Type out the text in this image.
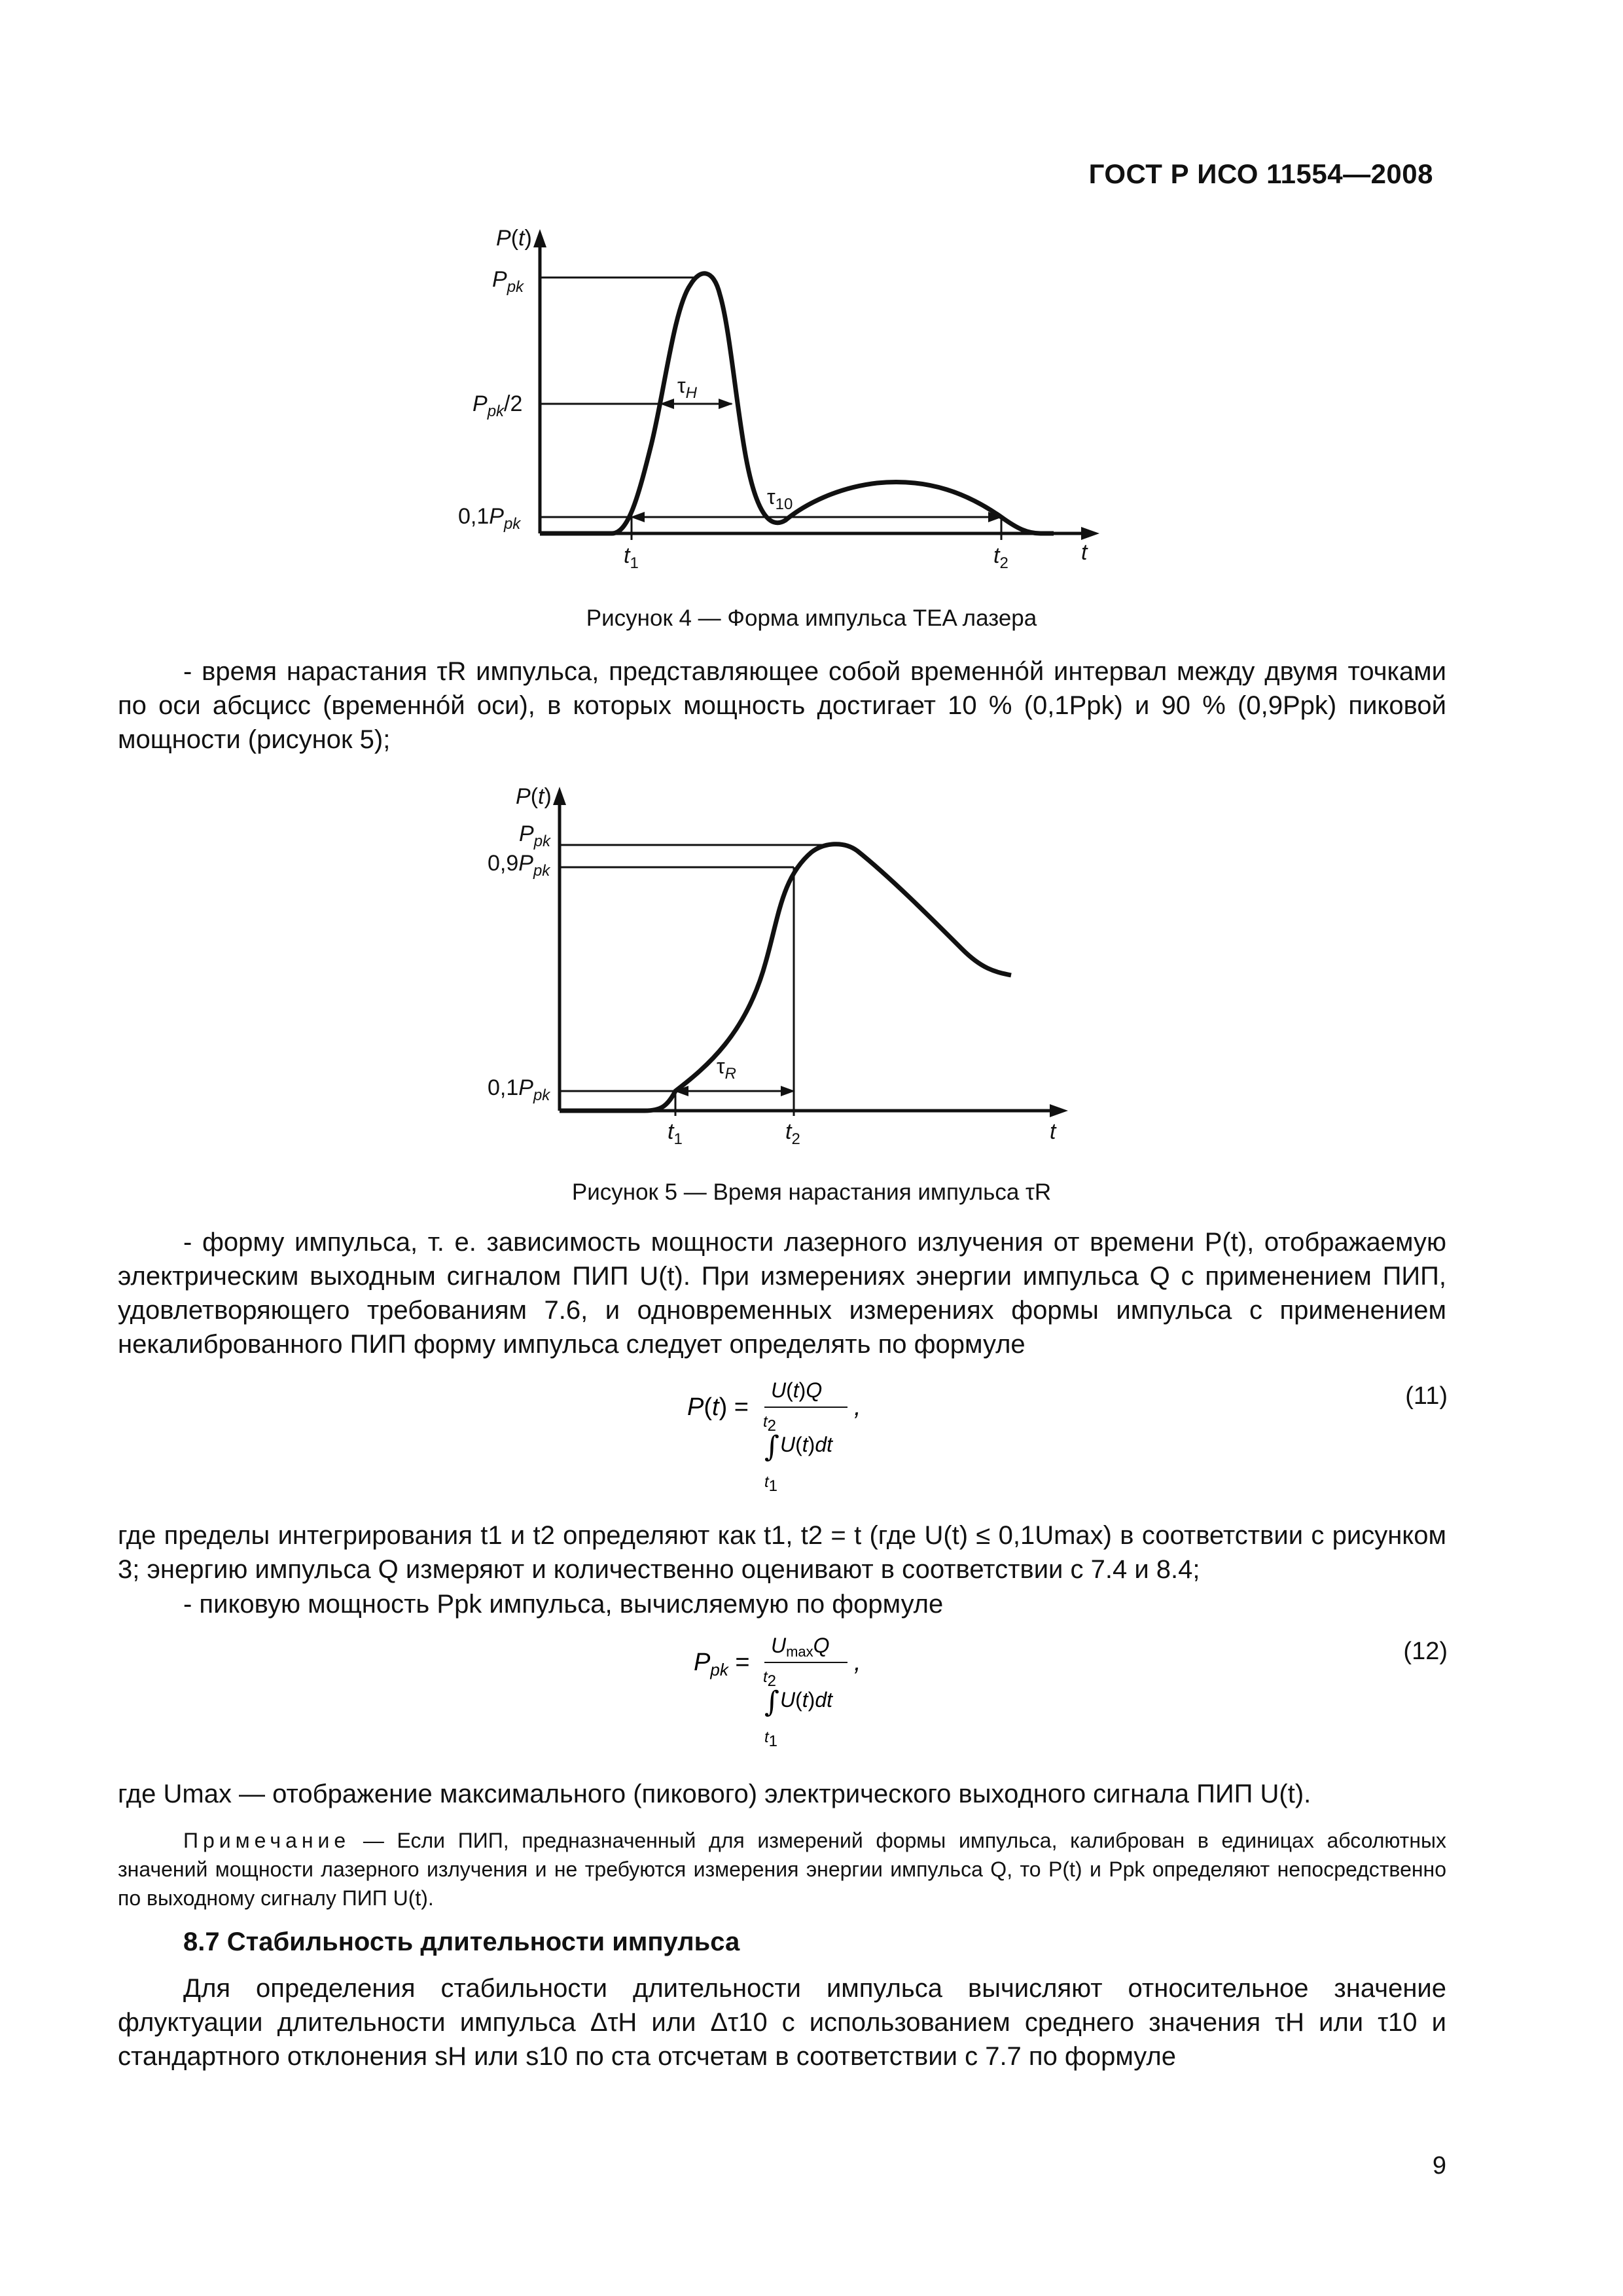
ГОСТ Р ИСО 11554—2008
P(t)
$P_{pk}$
$P_{pk}/2$
$0,1P_{pk}$
$\tau_H$
$\tau_{10}$
$t_1$	$t_2$	t
P(t)
$P_{pk}$
$0,9P_{pk}$
$0,1P_{pk}$
$\tau_R$
$t_1$	$t_2$	t
Рисунок 4 — Форма импульса TEA лазера

- время нарастания τR импульса, представляющее собой временнóй интервал между двумя точками по оси абсцисс (временнóй оси), в которых мощность достигает 10 % (0,1Ppk) и 90 % (0,9Ppk) пиковой мощности (рисунок 5);

Рисунок 5 — Время нарастания импульса τR

- форму импульса, т. е. зависимость мощности лазерного излучения от времени P(t), отображаемую электрическим выходным сигналом ПИП U(t). При измерениях энергии импульса Q с применением ПИП, удовлетворяющего требованиям 7.6, и одновременных измерениях формы импульса с применением некалиброванного ПИП форму импульса следует определять по формуле

P(t) =
U(t)Q
,
t2
∫ U(t)dt
t1
(11)

где пределы интегрирования t1 и t2 определяют как t1, t2 = t (где U(t) ≤ 0,1Umax) в соответствии с рисунком 3; энергию импульса Q измеряют и количественно оценивают в соответствии с 7.4 и 8.4;

- пиковую мощность Ppk импульса, вычисляемую по формуле

$P_{pk}$ =
UmaxQ
,
t2
∫ U(t)dt
t1
(12)

где Umax — отображение максимального (пикового) электрического выходного сигнала ПИП U(t).

Примечание — Если ПИП, предназначенный для измерений формы импульса, калиброван в единицах абсолютных значений мощности лазерного излучения и не требуются измерения энергии импульса Q, то P(t) и Ppk определяют непосредственно по выходному сигналу ПИП U(t).

8.7 Стабильность длительности импульса

Для определения стабильности длительности импульса вычисляют относительное значение флуктуации длительности импульса ΔτH или Δτ10 с использованием среднего значения τH или τ10 и стандартного отклонения sH или s10 по ста отсчетам в соответствии с 7.7 по формуле

9
